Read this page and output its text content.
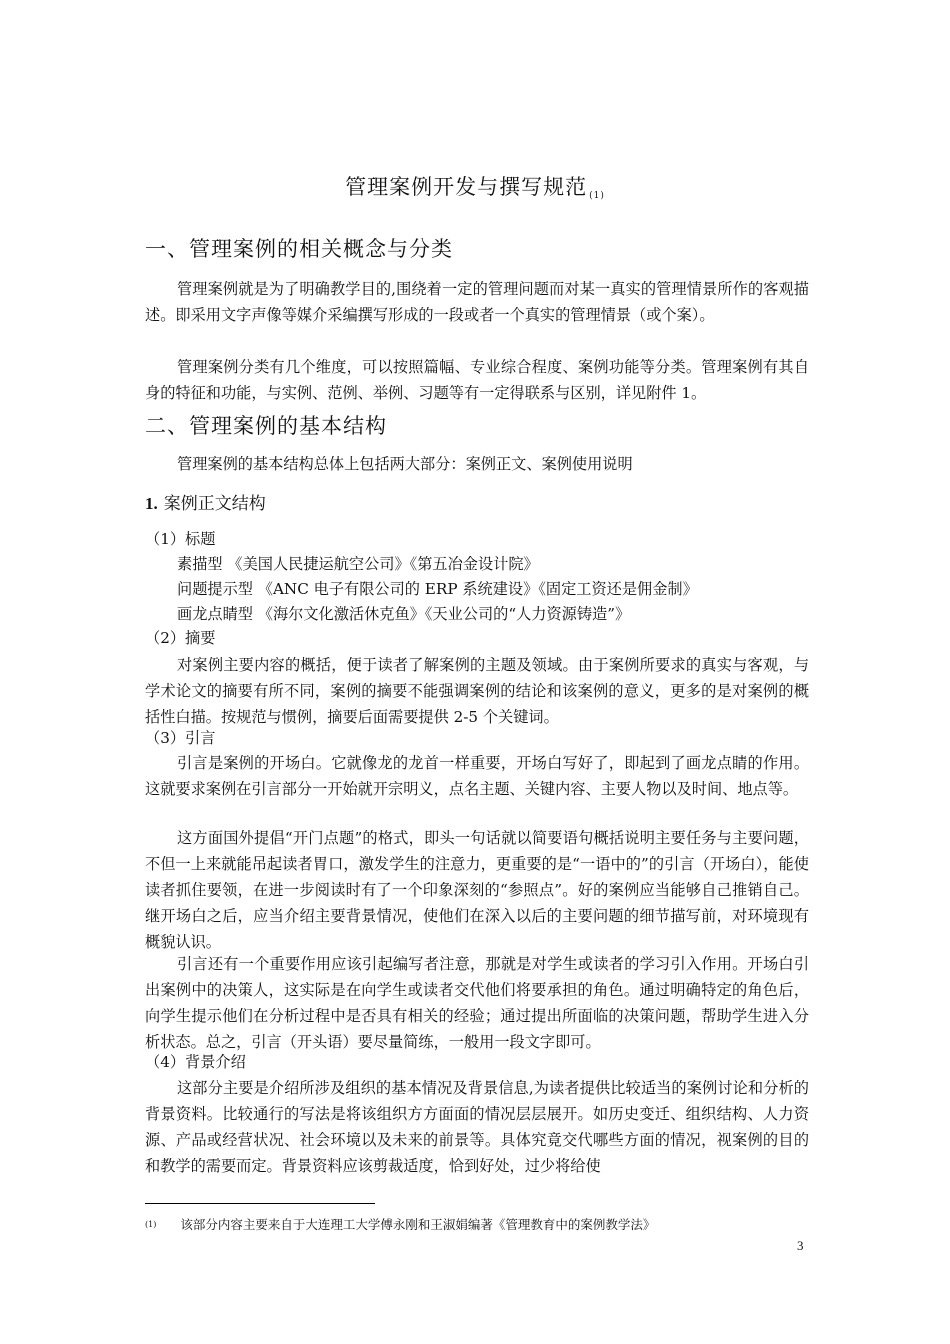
管理案例开发与撰写规范 $_{(1)}$
一、管理案例的相关概念与分类
管理案例就是为了明确教学目的,围绕着一定的管理问题而对某一真实的管理情景所作的客观描述。即采用文字声像等媒介采编撰写形成的一段或者一个真实的管理情景（或个案）。
管理案例分类有几个维度，可以按照篇幅、专业综合程度、案例功能等分类。管理案例有其自身的特征和功能，与实例、范例、举例、习题等有一定得联系与区别，详见附件 1。
二、管理案例的基本结构
管理案例的基本结构总体上包括两大部分：案例正文、案例使用说明
1. 案例正文结构
（1）标题
素描型 《美国人民捷运航空公司》《第五冶金设计院》
问题提示型 《ANC 电子有限公司的 ERP 系统建设》《固定工资还是佣金制》
画龙点睛型 《海尔文化激活休克鱼》《天业公司的“人力资源铸造”》
（2）摘要
对案例主要内容的概括，便于读者了解案例的主题及领域。由于案例所要求的真实与客观，与学术论文的摘要有所不同，案例的摘要不能强调案例的结论和该案例的意义，更多的是对案例的概括性白描。按规范与惯例，摘要后面需要提供 2-5 个关键词。
（3）引言
引言是案例的开场白。它就像龙的龙首一样重要，开场白写好了，即起到了画龙点睛的作用。这就要求案例在引言部分一开始就开宗明义，点名主题、关键内容、主要人物以及时间、地点等。
这方面国外提倡“开门点题”的格式，即头一句话就以简要语句概括说明主要任务与主要问题，不但一上来就能吊起读者胃口，激发学生的注意力，更重要的是“一语中的”的引言（开场白），能使读者抓住要领，在进一步阅读时有了一个印象深刻的“参照点”。好的案例应当能够自己推销自己。继开场白之后，应当介绍主要背景情况，使他们在深入以后的主要问题的细节描写前，对环境现有概貌认识。
引言还有一个重要作用应该引起编写者注意，那就是对学生或读者的学习引入作用。开场白引出案例中的决策人，这实际是在向学生或读者交代他们将要承担的角色。通过明确特定的角色后，向学生提示他们在分析过程中是否具有相关的经验；通过提出所面临的决策问题，帮助学生进入分析状态。总之，引言（开头语）要尽量简练，一般用一段文字即可。
（4）背景介绍
这部分主要是介绍所涉及组织的基本情况及背景信息,为读者提供比较适当的案例讨论和分析的背景资料。比较通行的写法是将该组织方方面面的情况层层展开。如历史变迁、组织结构、人力资源、产品或经营状况、社会环境以及未来的前景等。具体究竟交代哪些方面的情况，视案例的目的和教学的需要而定。背景资料应该剪裁适度，恰到好处，过少将给使
(1) 该部分内容主要来自于大连理工大学傅永刚和王淑娟编著《管理教育中的案例教学法》
3
